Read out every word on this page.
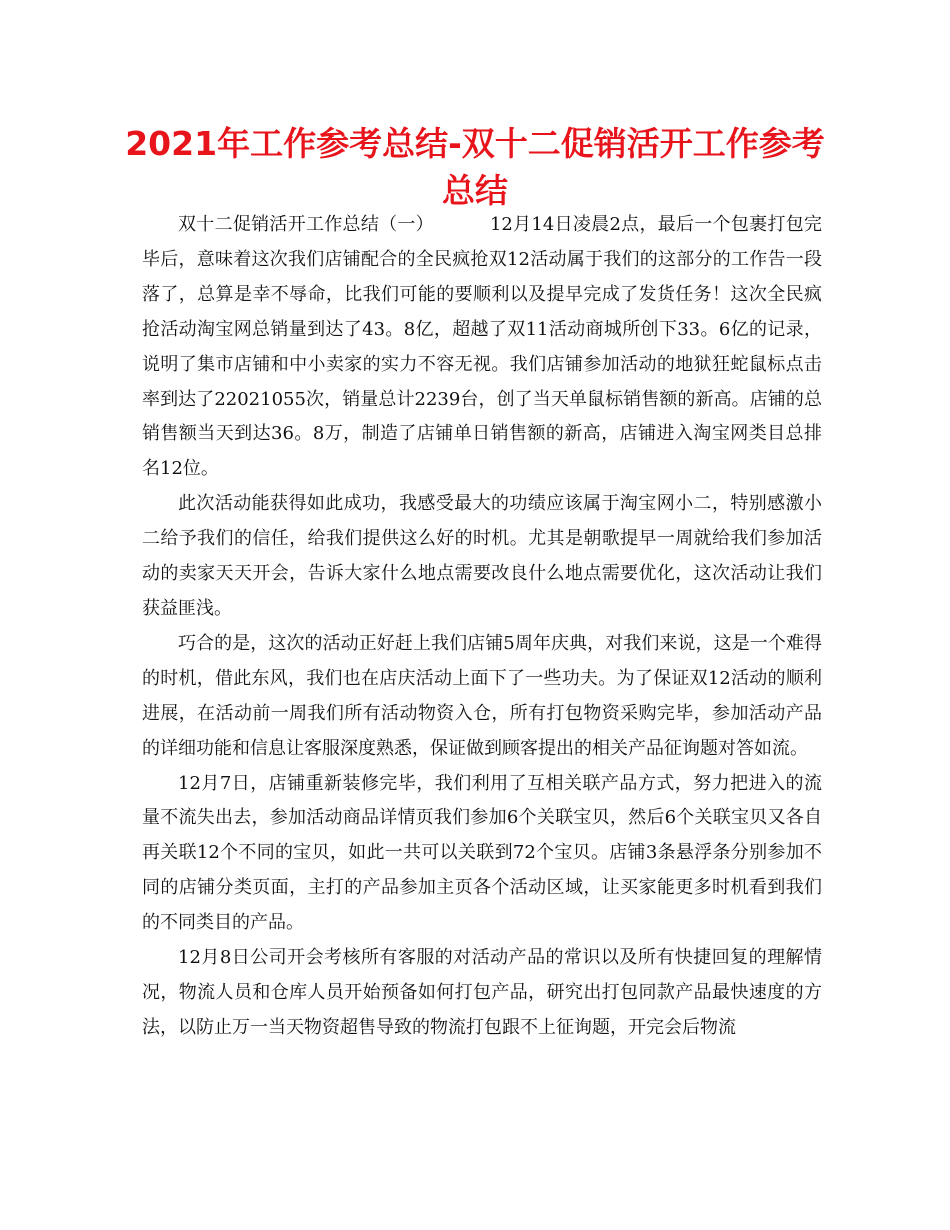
2021年工作参考总结-双十二促销活开工作参考总结

双十二促销活开工作总结（一）	12月14日凌晨2点，最后一个包裹打包完毕后，意味着这次我们店铺配合的全民疯抢双12活动属于我们的这部分的工作告一段落了，总算是幸不辱命，比我们可能的要顺利以及提早完成了发货任务！这次全民疯抢活动淘宝网总销量到达了43。8亿，超越了双11活动商城所创下33。6亿的记录，说明了集市店铺和中小卖家的实力不容无视。我们店铺参加活动的地狱狂蛇鼠标点击率到达了22021055次，销量总计2239台，创了当天单鼠标销售额的新高。店铺的总销售额当天到达36。8万，制造了店铺单日销售额的新高，店铺进入淘宝网类目总排名12位。

此次活动能获得如此成功，我感受最大的功绩应该属于淘宝网小二，特别感激小二给予我们的信任，给我们提供这么好的时机。尤其是朝歌提早一周就给我们参加活动的卖家天天开会，告诉大家什么地点需要改良什么地点需要优化，这次活动让我们获益匪浅。

巧合的是，这次的活动正好赶上我们店铺5周年庆典，对我们来说，这是一个难得的时机，借此东风，我们也在店庆活动上面下了一些功夫。为了保证双12活动的顺利进展，在活动前一周我们所有活动物资入仓，所有打包物资采购完毕，参加活动产品的详细功能和信息让客服深度熟悉，保证做到顾客提出的相关产品征询题对答如流。

12月7日，店铺重新装修完毕，我们利用了互相关联产品方式，努力把进入的流量不流失出去，参加活动商品详情页我们参加6个关联宝贝，然后6个关联宝贝又各自再关联12个不同的宝贝，如此一共可以关联到72个宝贝。店铺3条悬浮条分别参加不同的店铺分类页面，主打的产品参加主页各个活动区域，让买家能更多时机看到我们的不同类目的产品。

12月8日公司开会考核所有客服的对活动产品的常识以及所有快捷回复的理解情况，物流人员和仓库人员开始预备如何打包产品，研究出打包同款产品最快速度的方法，以防止万一当天物资超售导致的物流打包跟不上征询题，开完会后物流
